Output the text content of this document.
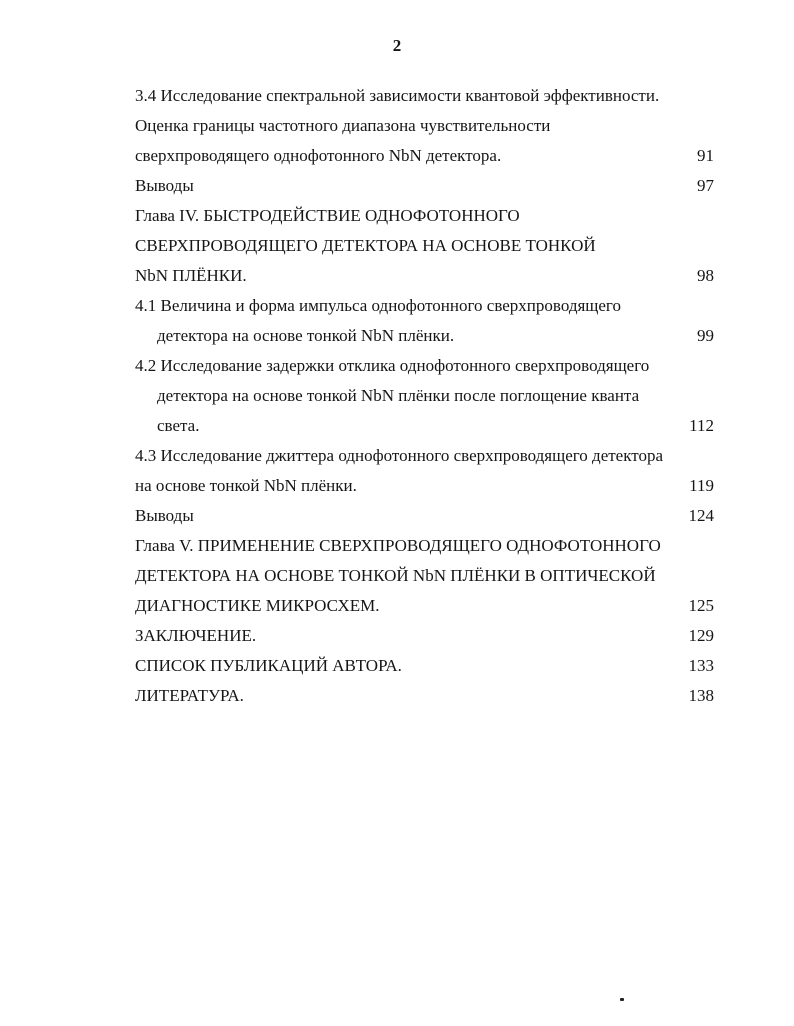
2
3.4 Исследование спектральной зависимости квантовой эффективности.
Оценка границы частотного диапазона чувствительности
сверхпроводящего однофотонного NbN детектора.	91
Выводы	97
Глава IV. БЫСТРОДЕЙСТВИЕ ОДНОФОТОННОГО
СВЕРХПРОВОДЯЩЕГО ДЕТЕКТОРА НА ОСНОВЕ ТОНКОЙ
NbN ПЛЁНКИ.	98
4.1 Величина и форма импульса однофотонного сверхпроводящего
детектора на основе тонкой NbN плёнки.	99
4.2 Исследование задержки отклика однофотонного сверхпроводящего
детектора на основе тонкой NbN плёнки после поглощение кванта
света.	112
4.3 Исследование джиттера однофотонного сверхпроводящего детектора
на основе тонкой NbN плёнки.	119
Выводы	124
Глава V. ПРИМЕНЕНИЕ СВЕРХПРОВОДЯЩЕГО ОДНОФОТОННОГО
ДЕТЕКТОРА НА ОСНОВЕ ТОНКОЙ NbN ПЛЁНКИ В ОПТИЧЕСКОЙ
ДИАГНОСТИКЕ МИКРОСХЕМ.	125
ЗАКЛЮЧЕНИЕ.	129
СПИСОК ПУБЛИКАЦИЙ АВТОРА.	133
ЛИТЕРАТУРА.	138
